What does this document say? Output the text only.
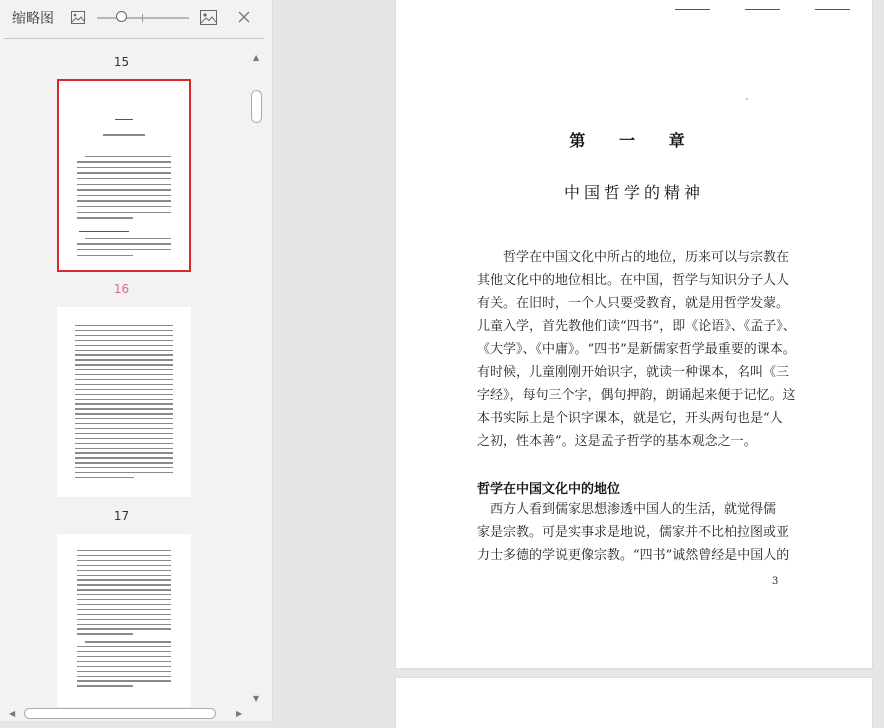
缩略图
15
16
17
▲
▼
◀	▶
第 一 章
中国哲学的精神
哲学在中国文化中所占的地位，历来可以与宗教在
其他文化中的地位相比。在中国，哲学与知识分子人人
有关。在旧时，一个人只要受教育，就是用哲学发蒙。
儿童入学，首先教他们读“四书”，即《论语》、《孟子》、
《大学》、《中庸》。“四书”是新儒家哲学最重要的课本。
有时候，儿童刚刚开始识字，就读一种课本，名叫《三
字经》，每句三个字，偶句押韵，朗诵起来便于记忆。这
本书实际上是个识字课本，就是它，开头两句也是“人
之初，性本善”。这是孟子哲学的基本观念之一。
哲学在中国文化中的地位
西方人看到儒家思想渗透中国人的生活，就觉得儒
家是宗教。可是实事求是地说，儒家并不比柏拉图或亚
力士多德的学说更像宗教。“四书”诚然曾经是中国人的
3
